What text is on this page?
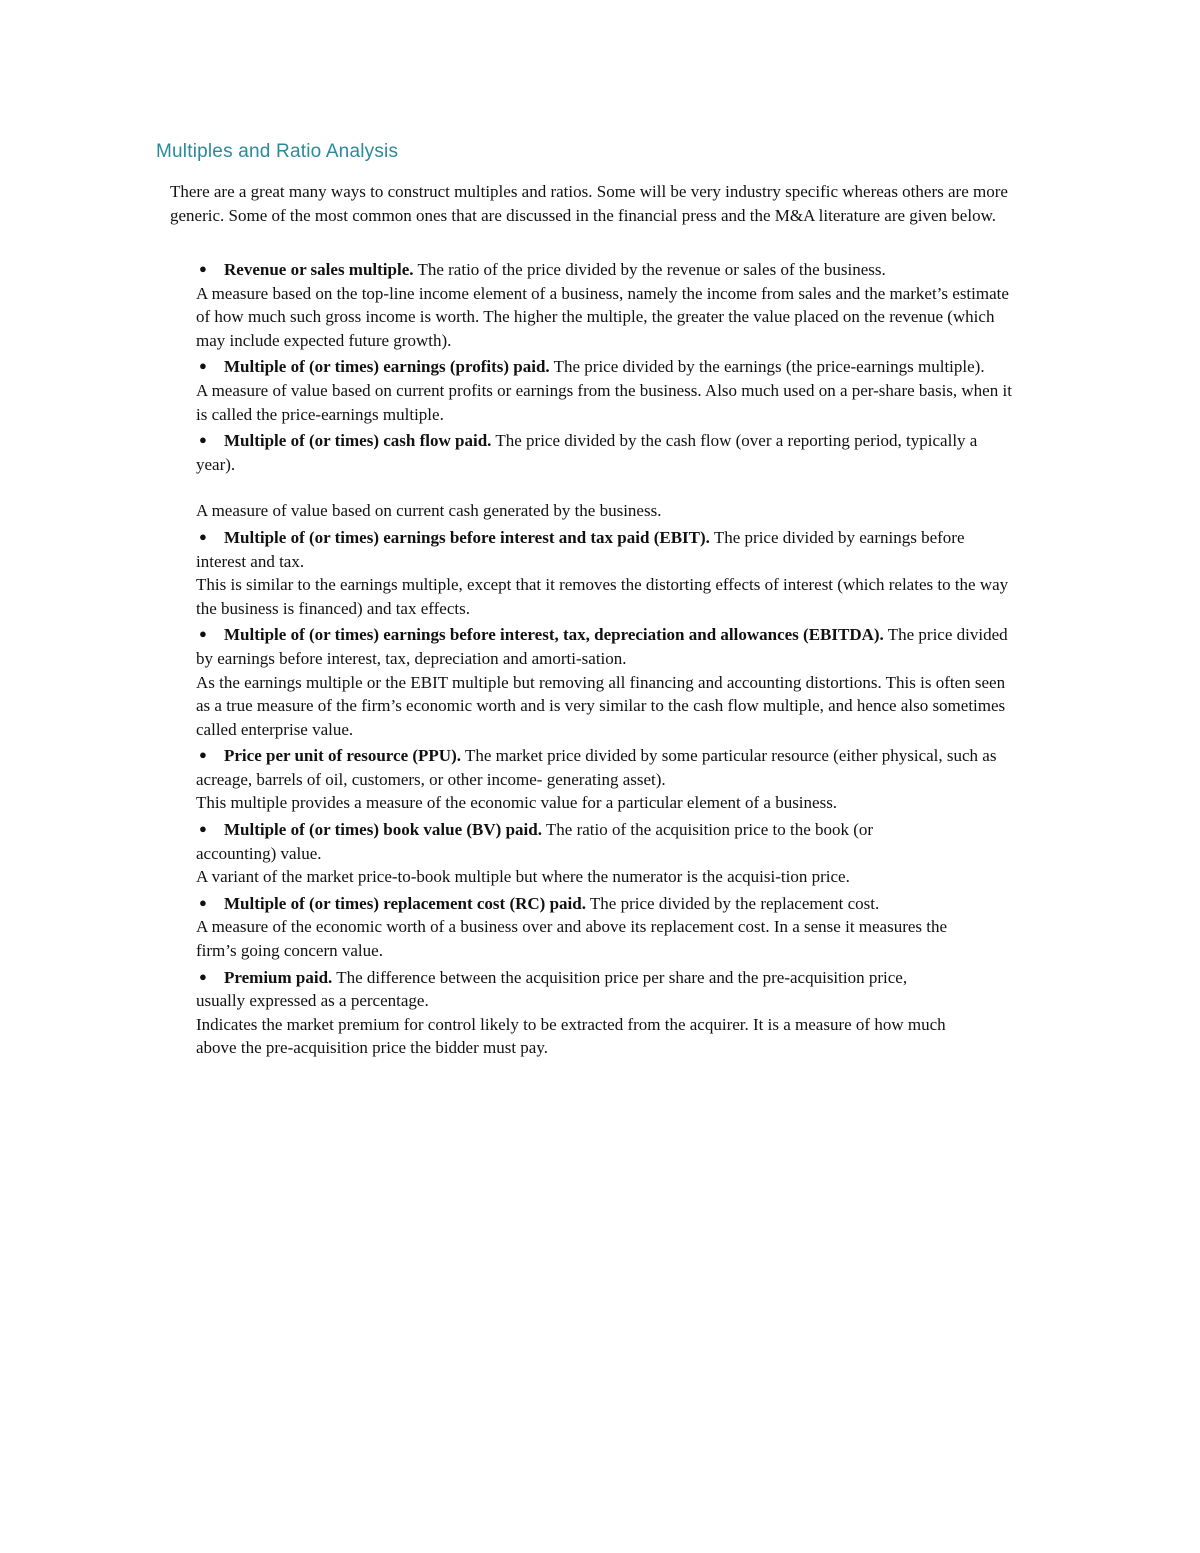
Multiples and Ratio Analysis

There are a great many ways to construct multiples and ratios. Some will be very industry specific whereas others are more generic. Some of the most common ones that are discussed in the financial press and the M&A literature are given below.

● Revenue or sales multiple. The ratio of the price divided by the revenue or sales of the business.

A measure based on the top-line income element of a business, namely the income from sales and the market’s estimate of how much such gross income is worth. The higher the multiple, the greater the value placed on the revenue (which may include expected future growth).

● Multiple of (or times) earnings (profits) paid. The price divided by the earnings (the price-earnings multiple).

A measure of value based on current profits or earnings from the business. Also much used on a per-share basis, when it is called the price-earnings multiple.

● Multiple of (or times) cash flow paid. The price divided by the cash flow (over a reporting period, typically a year).

A measure of value based on current cash generated by the business.

● Multiple of (or times) earnings before interest and tax paid (EBIT). The price divided by earnings before interest and tax.

This is similar to the earnings multiple, except that it removes the distorting effects of interest (which relates to the way the business is financed) and tax effects.

● Multiple of (or times) earnings before interest, tax, depreciation and allowances (EBITDA). The price divided by earnings before interest, tax, depreciation and amorti-sation.

As the earnings multiple or the EBIT multiple but removing all financing and accounting distortions. This is often seen as a true measure of the firm’s economic worth and is very similar to the cash flow multiple, and hence also sometimes called enterprise value.

● Price per unit of resource (PPU). The market price divided by some particular resource (either physical, such as acreage, barrels of oil, customers, or other income- generating asset).

This multiple provides a measure of the economic value for a particular element of a business.

● Multiple of (or times) book value (BV) paid. The ratio of the acquisition price to the book (or accounting) value.

A variant of the market price-to-book multiple but where the numerator is the acquisi-tion price.

● Multiple of (or times) replacement cost (RC) paid. The price divided by the replacement cost.

A measure of the economic worth of a business over and above its replacement cost. In a sense it measures the firm’s going concern value.

● Premium paid. The difference between the acquisition price per share and the pre-acquisition price, usually expressed as a percentage.

Indicates the market premium for control likely to be extracted from the acquirer. It is a measure of how much above the pre-acquisition price the bidder must pay.
